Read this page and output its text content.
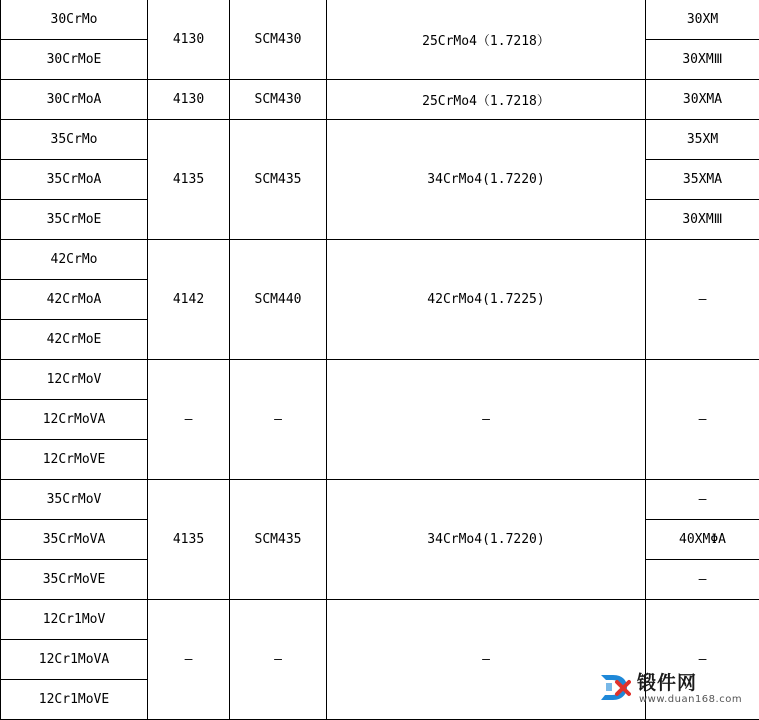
30CrMo	4130	SCM430	25CrMo4（1.7218）	30XM
30CrMoE				30XMⅢ
30CrMoA	4130	SCM430	25CrMo4（1.7218）	30XMA
35CrMo	4135	SCM435	34CrMo4(1.7220)	35XM
35CrMoA				35XMA
35CrMoE				30XMⅢ
42CrMo	4142	SCM440	42CrMo4(1.7225)	—
42CrMoA				
42CrMoE				
12CrMoV	—	—	—	—
12CrMoVA				
12CrMoVE				
35CrMoV	4135	SCM435	34CrMo4(1.7220)	—
35CrMoVA				40XMΦA
35CrMoVE				—
12Cr1MoV	—	—	—	—
12Cr1MoVA				
12Cr1MoVE				
锻件网
www.duan168.com
